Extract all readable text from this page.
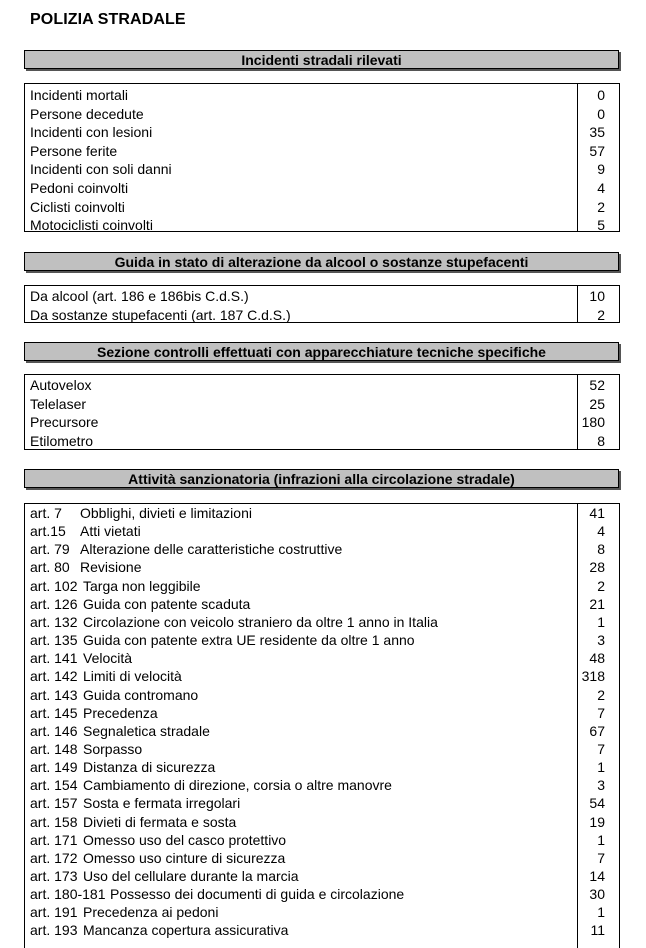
POLIZIA STRADALE
Incidenti stradali rilevati
Incidenti mortali	0
Persone decedute	0
Incidenti con lesioni	35
Persone ferite	57
Incidenti con soli danni	9
Pedoni coinvolti	4
Ciclisti coinvolti	2
Motociclisti coinvolti	5
Guida in stato di alterazione da alcool o sostanze stupefacenti
Da alcool (art. 186 e 186bis C.d.S.)	10
Da sostanze stupefacenti (art. 187 C.d.S.)	2
Sezione controlli effettuati con apparecchiature tecniche specifiche
Autovelox	52
Telelaser	25
Precursore	180
Etilometro	8
Attività sanzionatoria (infrazioni alla circolazione stradale)
art. 7 Obblighi, divieti e limitazioni	41
art.15 Atti vietati	4
art. 79 Alterazione delle caratteristiche costruttive	8
art. 80 Revisione	28
art. 102 Targa non leggibile	2
art. 126 Guida con patente scaduta	21
art. 132 Circolazione con veicolo straniero da oltre 1 anno in Italia	1
art. 135 Guida con patente extra UE residente da oltre 1 anno	3
art. 141 Velocità	48
art. 142 Limiti di velocità	318
art. 143 Guida contromano	2
art. 145 Precedenza	7
art. 146 Segnaletica stradale	67
art. 148 Sorpasso	7
art. 149 Distanza di sicurezza	1
art. 154 Cambiamento di direzione, corsia o altre manovre	3
art. 157 Sosta e fermata irregolari	54
art. 158 Divieti di fermata e sosta	19
art. 171 Omesso uso del casco protettivo	1
art. 172 Omesso uso cinture di sicurezza	7
art. 173 Uso del cellulare durante la marcia	14
art. 180-181 Possesso dei documenti di guida e circolazione	30
art. 191 Precedenza ai pedoni	1
art. 193 Mancanza copertura assicurativa	11
